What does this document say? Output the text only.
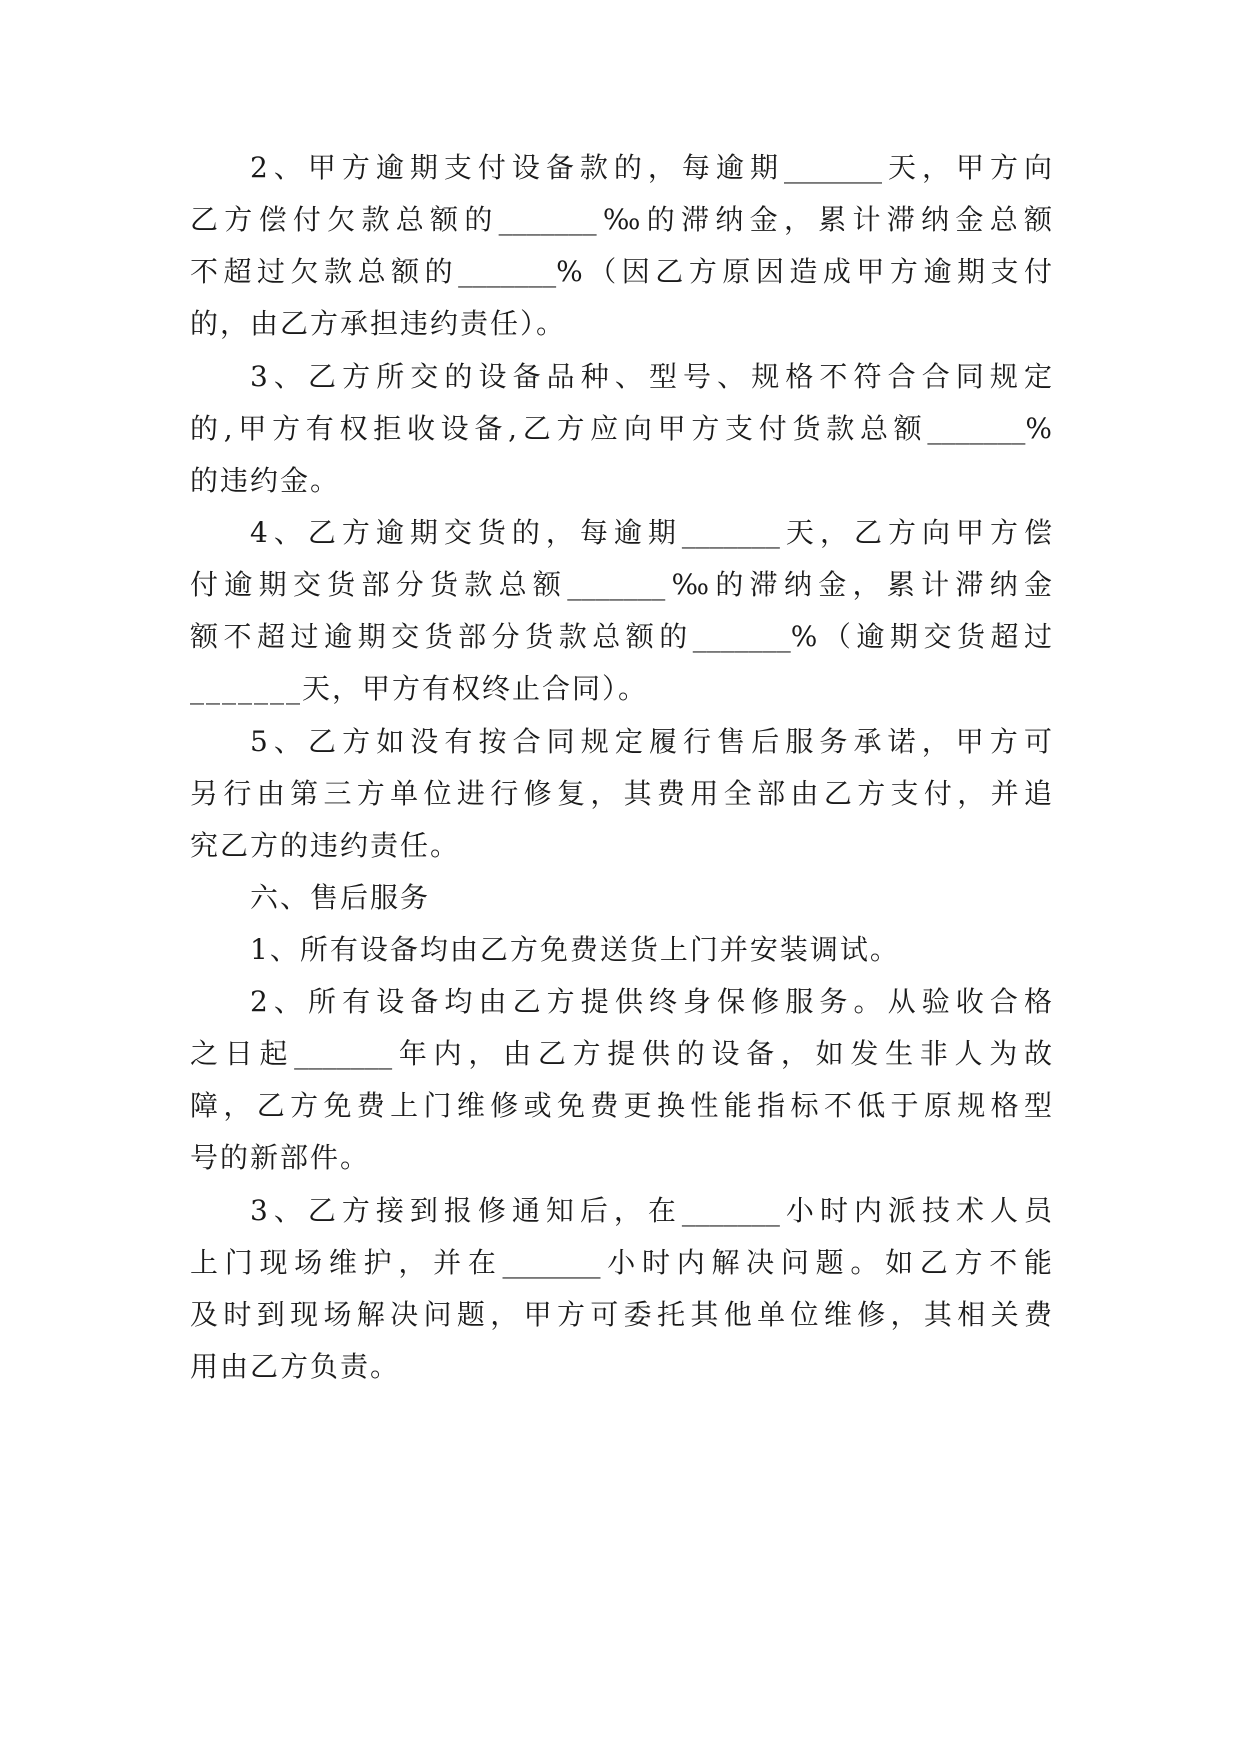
2、甲方逾期支付设备款的，每逾期_______天，甲方向
乙方偿付欠款总额的_______‰的滞纳金，累计滞纳金总额
不超过欠款总额的_______%（因乙方原因造成甲方逾期支付
的，由乙方承担违约责任）。
3、乙方所交的设备品种、型号、规格不符合合同规定
的,甲方有权拒收设备,乙方应向甲方支付货款总额_______%
的违约金。
4、乙方逾期交货的，每逾期_______天，乙方向甲方偿
付逾期交货部分货款总额_______‰的滞纳金，累计滞纳金
额不超过逾期交货部分货款总额的_______%（逾期交货超过
_______天，甲方有权终止合同）。
5、乙方如没有按合同规定履行售后服务承诺，甲方可
另行由第三方单位进行修复，其费用全部由乙方支付，并追
究乙方的违约责任。
六、售后服务
1、所有设备均由乙方免费送货上门并安装调试。
2、所有设备均由乙方提供终身保修服务。从验收合格
之日起_______年内，由乙方提供的设备，如发生非人为故
障，乙方免费上门维修或免费更换性能指标不低于原规格型
号的新部件。
3、乙方接到报修通知后，在_______小时内派技术人员
上门现场维护，并在_______小时内解决问题。如乙方不能
及时到现场解决问题，甲方可委托其他单位维修，其相关费
用由乙方负责。
